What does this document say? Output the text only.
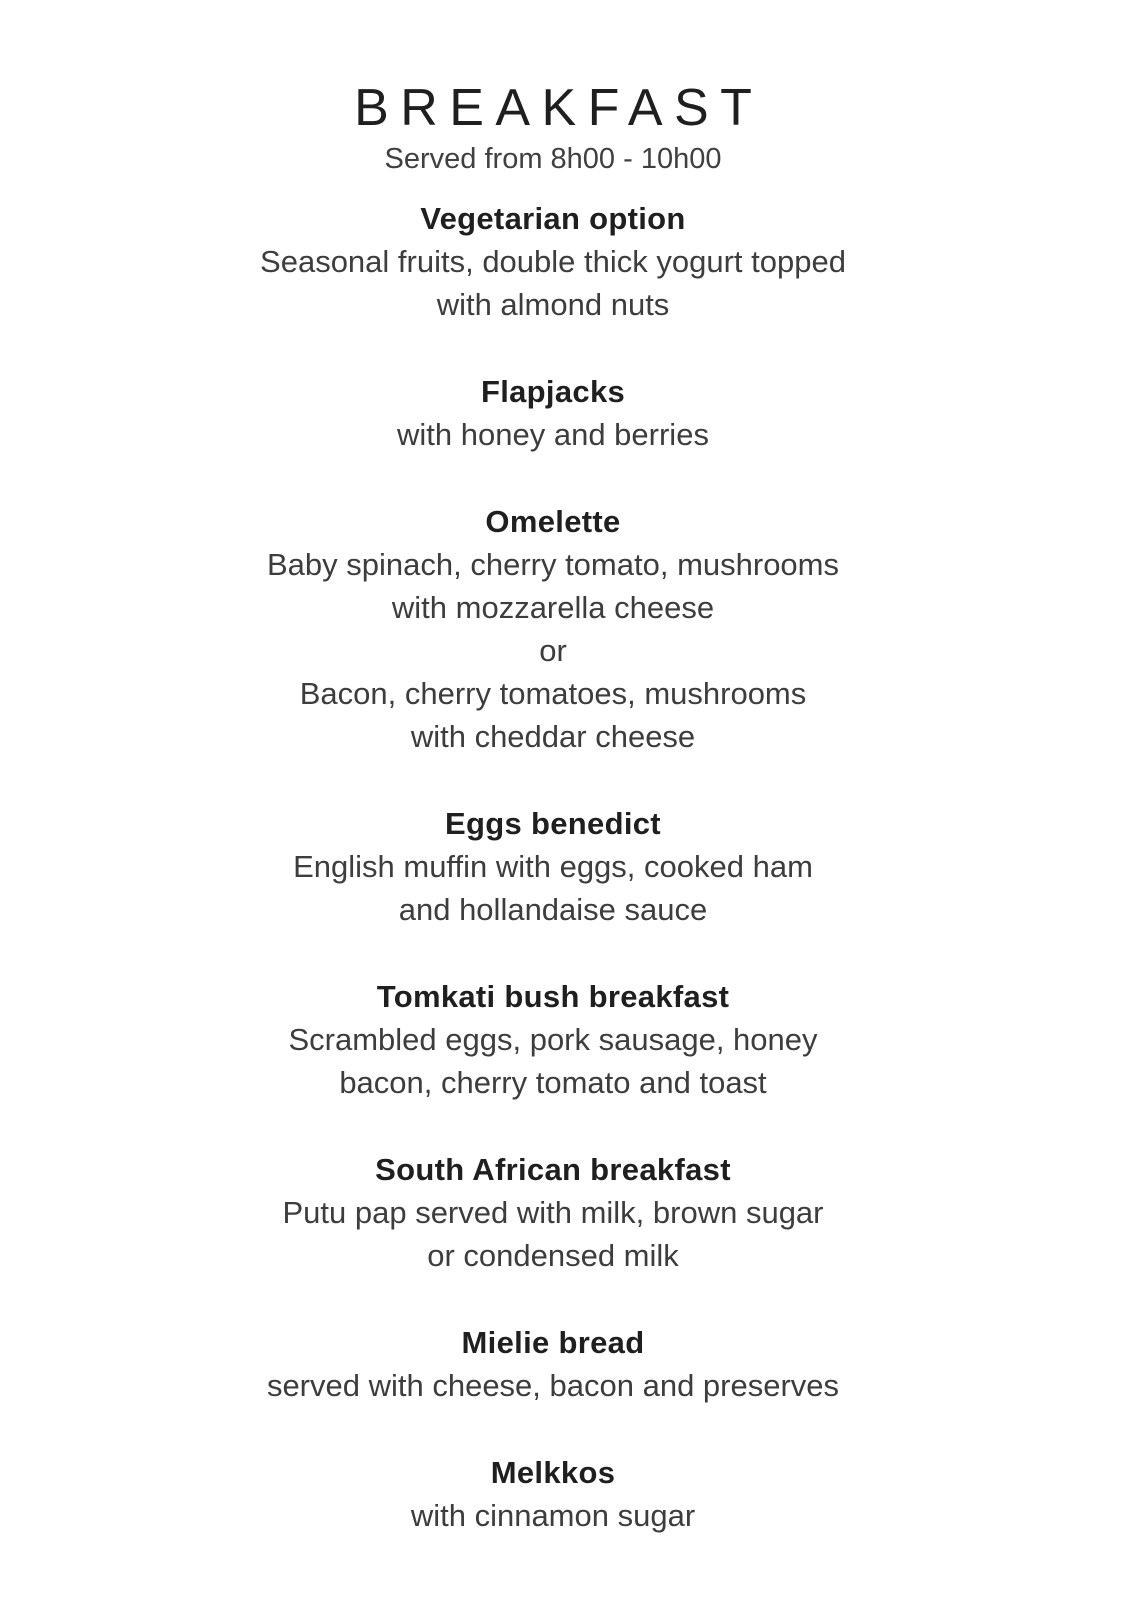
BREAKFAST
Served from 8h00 - 10h00
Vegetarian option
Seasonal fruits, double thick yogurt topped
with almond nuts
Flapjacks
with honey and berries
Omelette
Baby spinach, cherry tomato, mushrooms
with mozzarella cheese
or
Bacon, cherry tomatoes, mushrooms
with cheddar cheese
Eggs benedict
English muffin with eggs, cooked ham
and hollandaise sauce
Tomkati bush breakfast
Scrambled eggs, pork sausage, honey
bacon, cherry tomato and toast
South African breakfast
Putu pap served with milk, brown sugar
or condensed milk
Mielie bread
served with cheese, bacon and preserves
Melkkos
with cinnamon sugar
